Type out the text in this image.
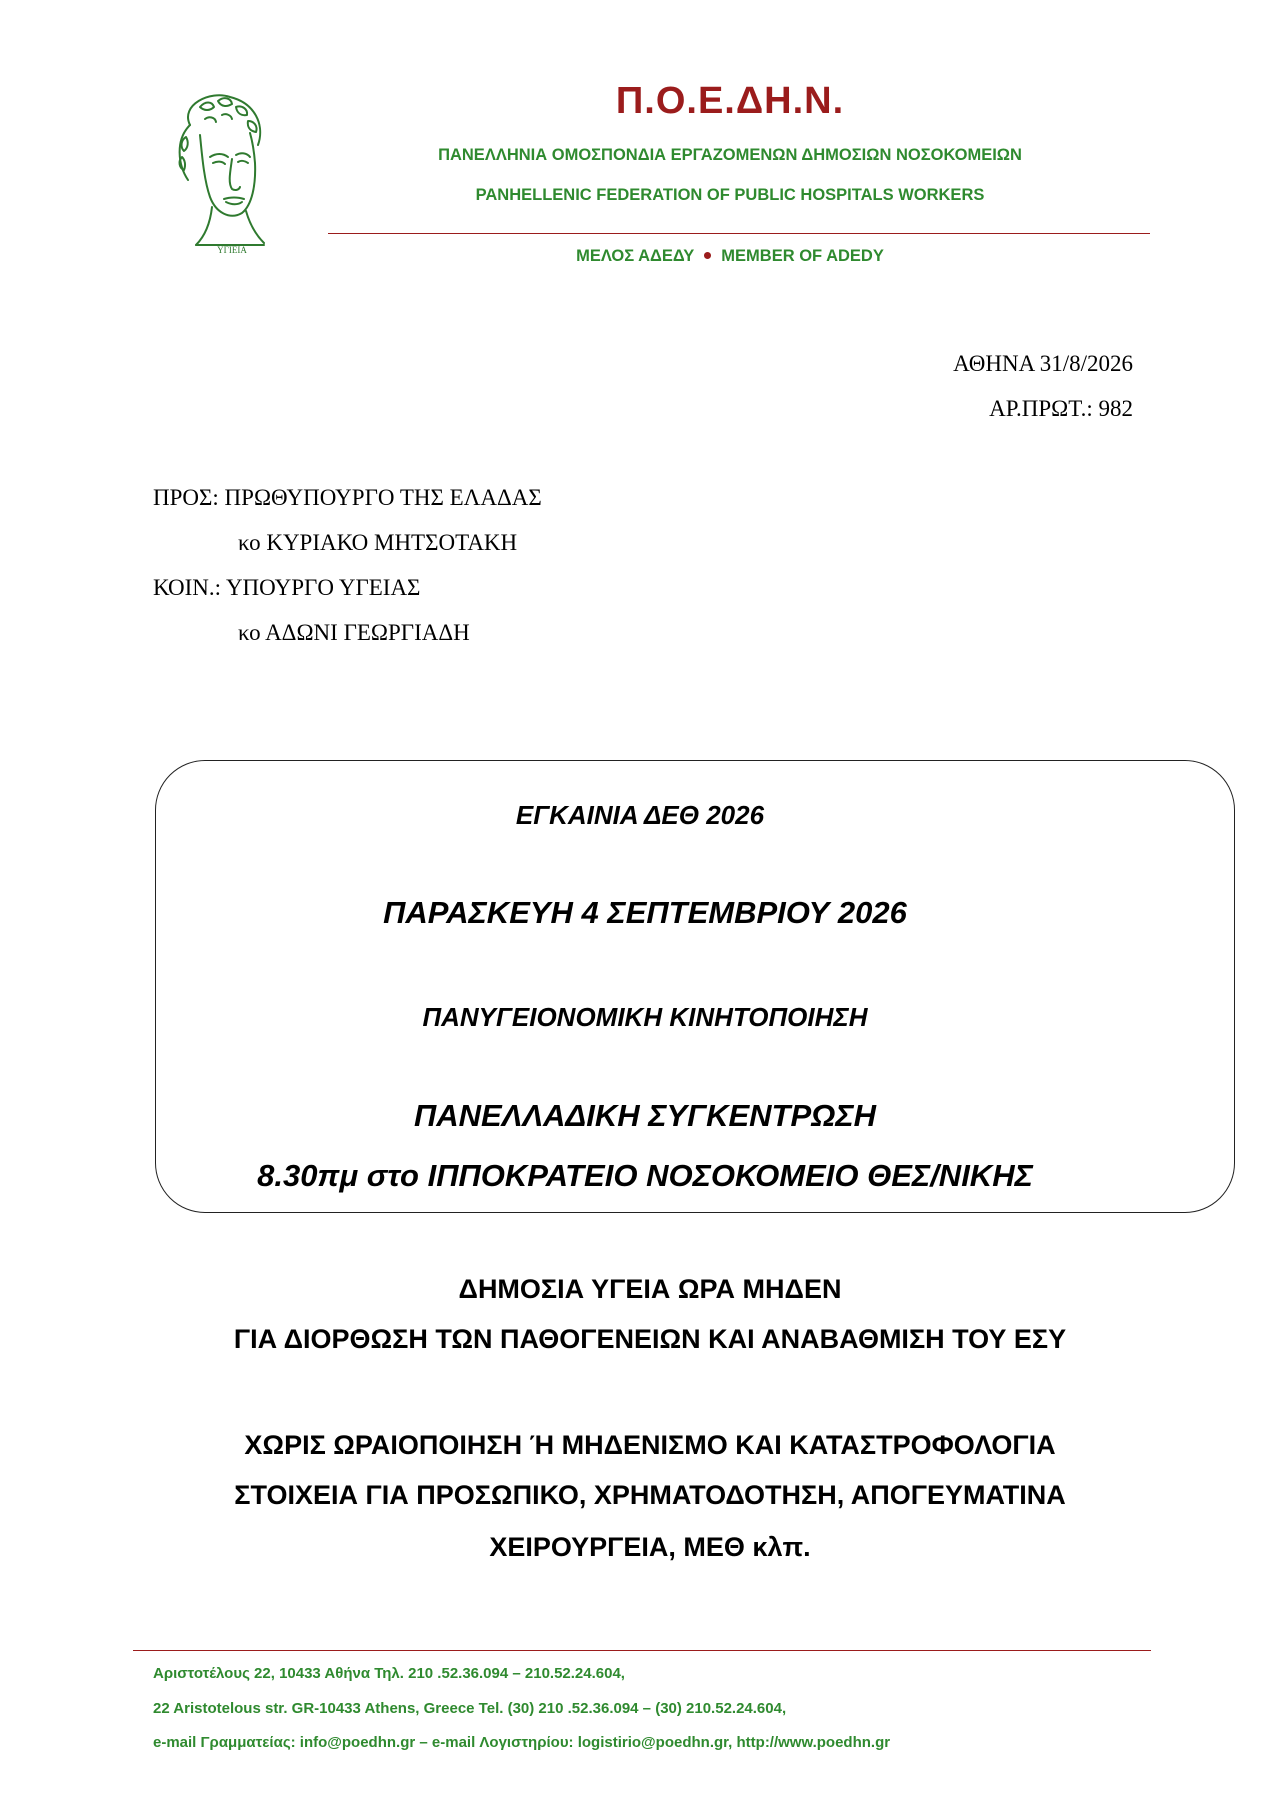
ΥΓΙΕΙΑ
Π.Ο.Ε.ΔΗ.Ν.
ΠΑΝΕΛΛΗΝΙΑ ΟΜΟΣΠΟΝΔΙΑ ΕΡΓΑΖΟΜΕΝΩΝ ΔΗΜΟΣΙΩΝ ΝΟΣΟΚΟΜΕΙΩΝ
PANHELLENIC FEDERATION OF PUBLIC HOSPITALS WORKERS
ΜΕΛΟΣ ΑΔΕΔΥ MEMBER OF ADEDY
ΑΘΗΝΑ 31/8/2026
ΑΡ.ΠΡΩΤ.: 982
ΠΡΟΣ: ΠΡΩΘΥΠΟΥΡΓΟ ΤΗΣ ΕΛΑΔΑΣ
κο ΚΥΡΙΑΚΟ ΜΗΤΣΟΤΑΚΗ
ΚΟΙΝ.: ΥΠΟΥΡΓΟ ΥΓΕΙΑΣ
κο ΑΔΩΝΙ ΓΕΩΡΓΙΑΔΗ
ΕΓΚΑΙΝΙΑ ΔΕΘ 2026
ΠΑΡΑΣΚΕΥΗ 4 ΣΕΠΤΕΜΒΡΙΟΥ 2026
ΠΑΝΥΓΕΙΟΝΟΜΙΚΗ ΚΙΝΗΤΟΠΟΙΗΣΗ
ΠΑΝΕΛΛΑΔΙΚΗ ΣΥΓΚΕΝΤΡΩΣΗ
8.30πμ στο ΙΠΠΟΚΡΑΤΕΙΟ ΝΟΣΟΚΟΜΕΙΟ ΘΕΣ/ΝΙΚΗΣ
ΔΗΜΟΣΙΑ ΥΓΕΙΑ ΩΡΑ ΜΗΔΕΝ
ΓΙΑ ΔΙΟΡΘΩΣΗ ΤΩΝ ΠΑΘΟΓΕΝΕΙΩΝ ΚΑΙ ΑΝΑΒΑΘΜΙΣΗ ΤΟΥ ΕΣΥ
ΧΩΡΙΣ ΩΡΑΙΟΠΟΙΗΣΗ Ή ΜΗΔΕΝΙΣΜΟ ΚΑΙ ΚΑΤΑΣΤΡΟΦΟΛΟΓΙΑ
ΣΤΟΙΧΕΙΑ ΓΙΑ ΠΡΟΣΩΠΙΚΟ, ΧΡΗΜΑΤΟΔΟΤΗΣΗ, ΑΠΟΓΕΥΜΑΤΙΝΑ
ΧΕΙΡΟΥΡΓΕΙΑ, ΜΕΘ κλπ.
Αριστοτέλους 22, 10433 Αθήνα Τηλ. 210 .52.36.094 – 210.52.24.604,
22 Aristotelous str. GR-10433 Athens, Greece Tel. (30) 210 .52.36.094 – (30) 210.52.24.604,
e-mail Γραμματείας: info@poedhn.gr – e-mail Λογιστηρίου: logistirio@poedhn.gr, http://www.poedhn.gr
